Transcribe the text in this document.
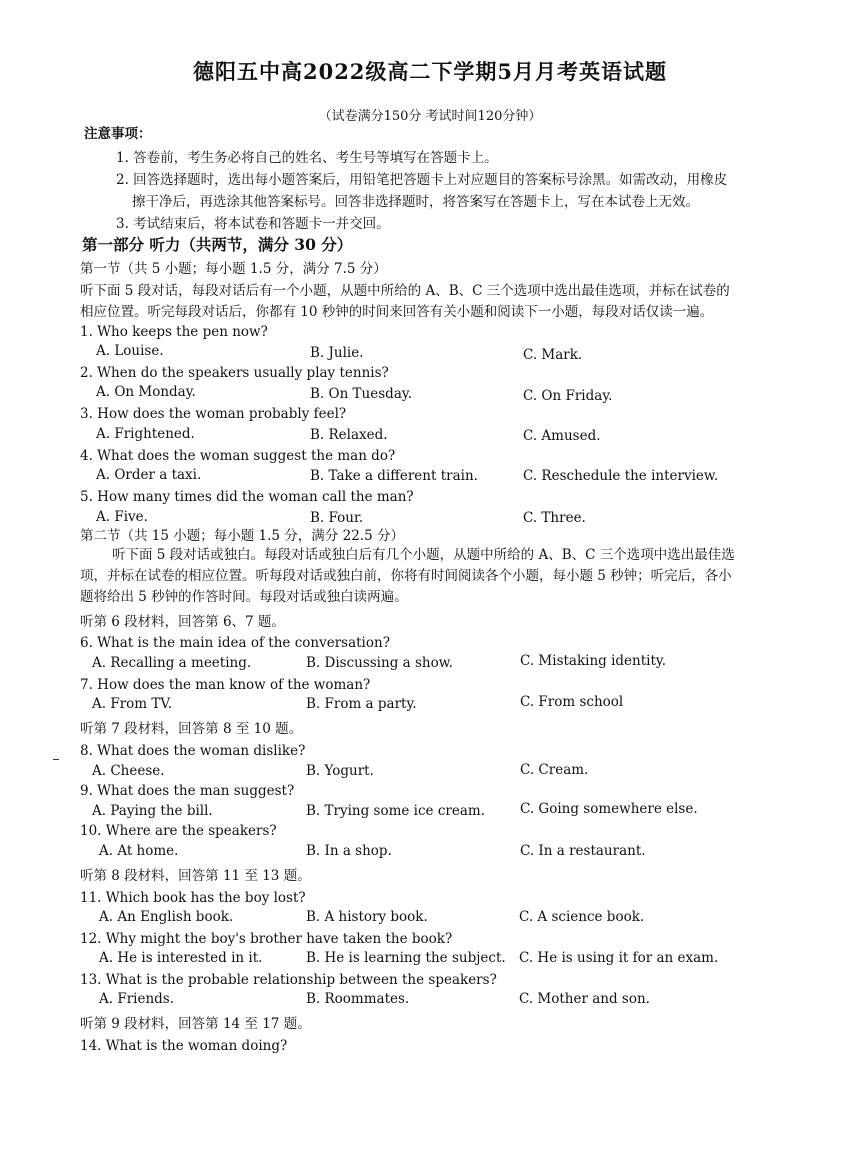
德阳五中高2022级高二下学期5月月考英语试题
（试卷满分150分 考试时间120分钟）
注意事项：
1. 答卷前，考生务必将自己的姓名、考生号等填写在答题卡上。
2. 回答选择题时，选出每小题答案后，用铅笔把答题卡上对应题目的答案标号涂黑。如需改动，用橡皮
擦干净后，再选涂其他答案标号。回答非选择题时，将答案写在答题卡上，写在本试卷上无效。
3. 考试结束后，将本试卷和答题卡一并交回。
第一部分 听力（共两节，满分 30 分）
第一节（共 5 小题；每小题 1.5 分，满分 7.5 分）
听下面 5 段对话，每段对话后有一个小题，从题中所给的 A、B、C 三个选项中选出最佳选项，并标在试卷的
相应位置。听完每段对话后，你都有 10 秒钟的时间来回答有关小题和阅读下一小题，每段对话仅读一遍。
1. Who keeps the pen now?
A. Louise.	B. Julie.	C. Mark.
2. When do the speakers usually play tennis?
A. On Monday.	B. On Tuesday.	C. On Friday.
3. How does the woman probably feel?
A. Frightened.	B. Relaxed.	C. Amused.
4. What does the woman suggest the man do?
A. Order a taxi.	B. Take a different train.	C. Reschedule the interview.
5. How many times did the woman call the man?
A. Five.	B. Four.	C. Three.
第二节（共 15 小题；每小题 1.5 分，满分 22.5 分）
听下面 5 段对话或独白。每段对话或独白后有几个小题，从题中所给的 A、B、C 三个选项中选出最佳选
项，并标在试卷的相应位置。听每段对话或独白前，你将有时间阅读各个小题，每小题 5 秒钟；听完后，各小
题将给出 5 秒钟的作答时间。每段对话或独白读两遍。
听第 6 段材料，回答第 6、7 题。
6. What is the main idea of the conversation?
A. Recalling a meeting.	B. Discussing a show.	C. Mistaking identity.
7. How does the man know of the woman?
A. From TV.	B. From a party.	C. From school
听第 7 段材料，回答第 8 至 10 题。
8. What does the woman dislike?
A. Cheese.	B. Yogurt.	C. Cream.
9. What does the man suggest?
A. Paying the bill.	B. Trying some ice cream.	C. Going somewhere else.
10. Where are the speakers?
A. At home.	B. In a shop.	C. In a restaurant.
听第 8 段材料，回答第 11 至 13 题。
11. Which book has the boy lost?
A. An English book.	B. A history book.	C. A science book.
12. Why might the boy's brother have taken the book?
A. He is interested in it.	B. He is learning the subject. C. He is using it for an exam.
13. What is the probable relationship between the speakers?
A. Friends.	B. Roommates.	C. Mother and son.
听第 9 段材料，回答第 14 至 17 题。
14. What is the woman doing?
